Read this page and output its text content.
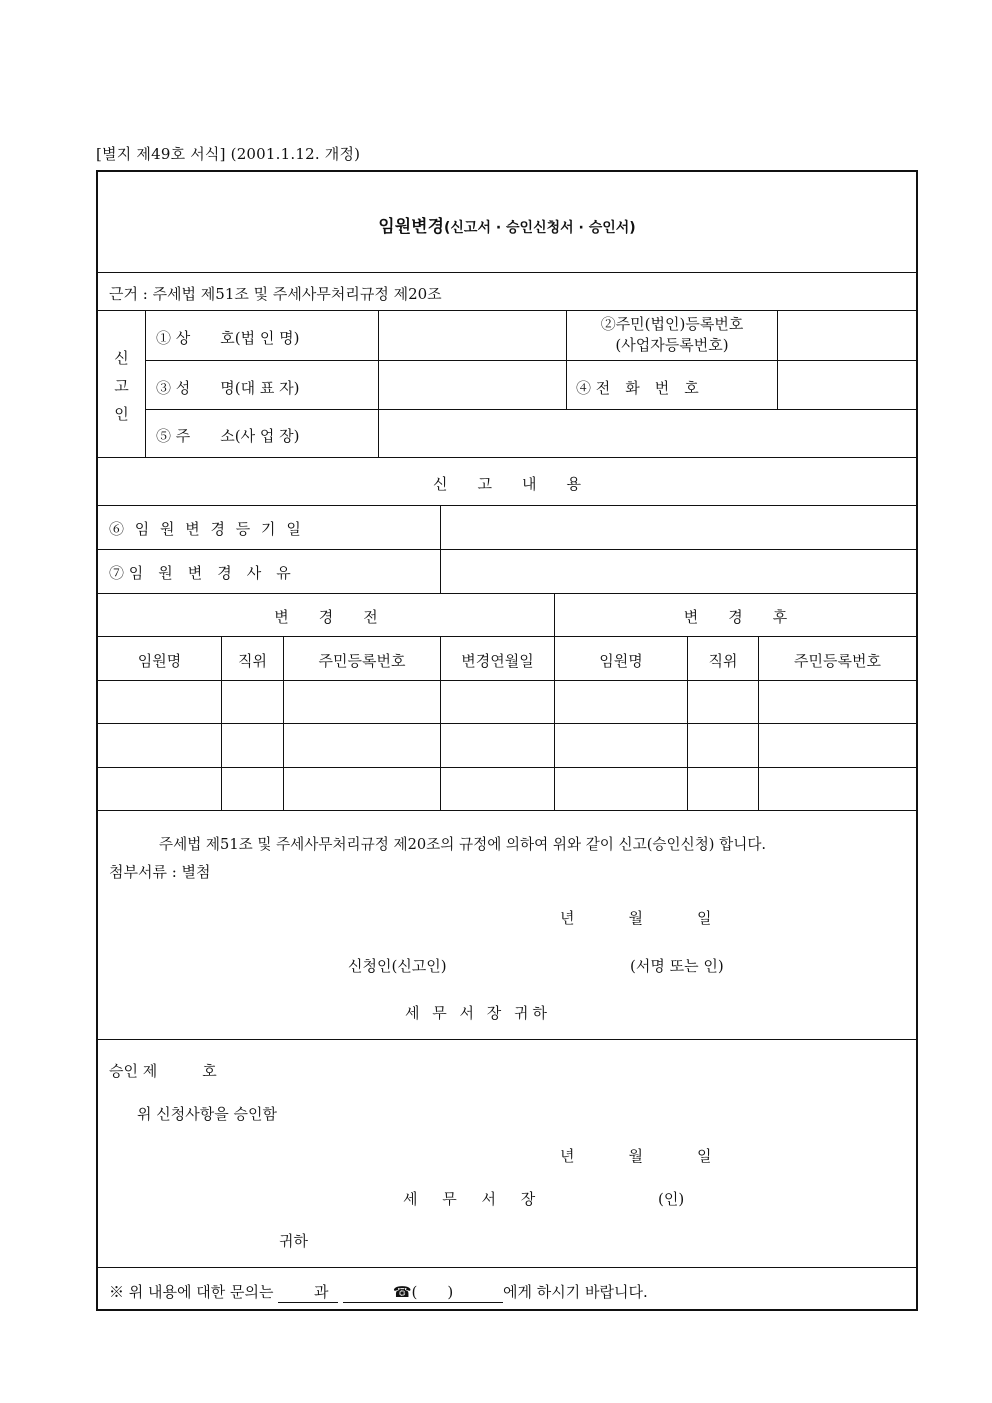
[별지 제49호 서식] (2001.1.12. 개정)
임원변경(신고서 · 승인신청서 · 승인서)
근거 : 주세법 제51조 및 주세사무처리규정 제20조
신
고
인
① 상　　호(법 인 명)
②주민(법인)등록번호
(사업자등록번호)
③ 성　　명(대 표 자)	④ 전　화　번　호
⑤ 주　　소(사 업 장)
신　　고　　내　　용
⑥ 임 원 변 경 등 기 일
⑦ 임　원　변　경　사　유
변　　경　　전	변　　경　　후
임원명	직위	주민등록번호	변경연월일	임원명	직위	주민등록번호
주세법 제51조 및 주세사무처리규정 제20조의 규정에 의하여 위와 같이 신고(승인신청) 합니다.
첨부서류 : 별첨
년　　월　　일
신청인(신고인)	(서명 또는 인)
세 무 서 장 귀하
승인 제　　　호
위 신청사항을 승인함
년　　월　　일
세 무 서 장	(인)
귀하
※ 위 내용에 대한 문의는	과	☎(　　)	에게 하시기 바랍니다.
